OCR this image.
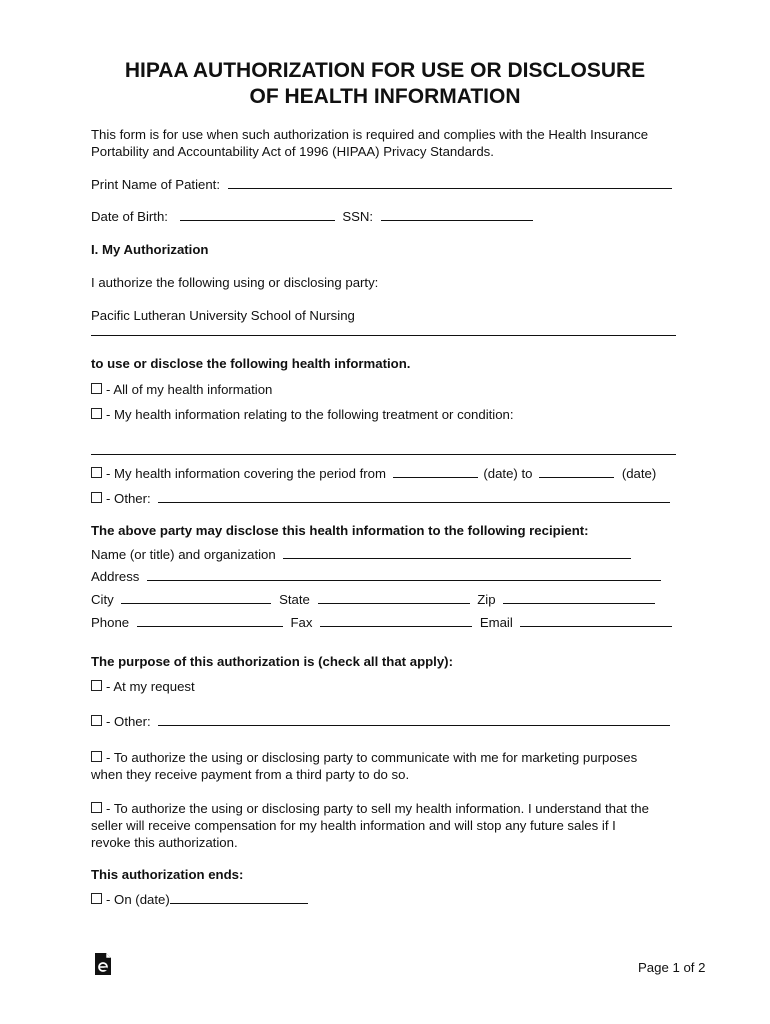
HIPAA AUTHORIZATION FOR USE OR DISCLOSURE
OF HEALTH INFORMATION
This form is for use when such authorization is required and complies with the Health Insurance
Portability and Accountability Act of 1996 (HIPAA) Privacy Standards.
Print Name of Patient:
Date of Birth:	SSN:
I. My Authorization
I authorize the following using or disclosing party:
Pacific Lutheran University School of Nursing
to use or disclose the following health information.
- All of my health information
- My health information relating to the following treatment or condition:
- My health information covering the period from	(date) to	(date)
- Other:
The above party may disclose this health information to the following recipient:
Name (or title) and organization
Address
City	State	Zip
Phone	Fax	Email
The purpose of this authorization is (check all that apply):
- At my request
- Other:
- To authorize the using or disclosing party to communicate with me for marketing purposes
when they receive payment from a third party to do so.
- To authorize the using or disclosing party to sell my health information. I understand that the
seller will receive compensation for my health information and will stop any future sales if I
revoke this authorization.
This authorization ends:
- On (date)
Page 1 of 2
